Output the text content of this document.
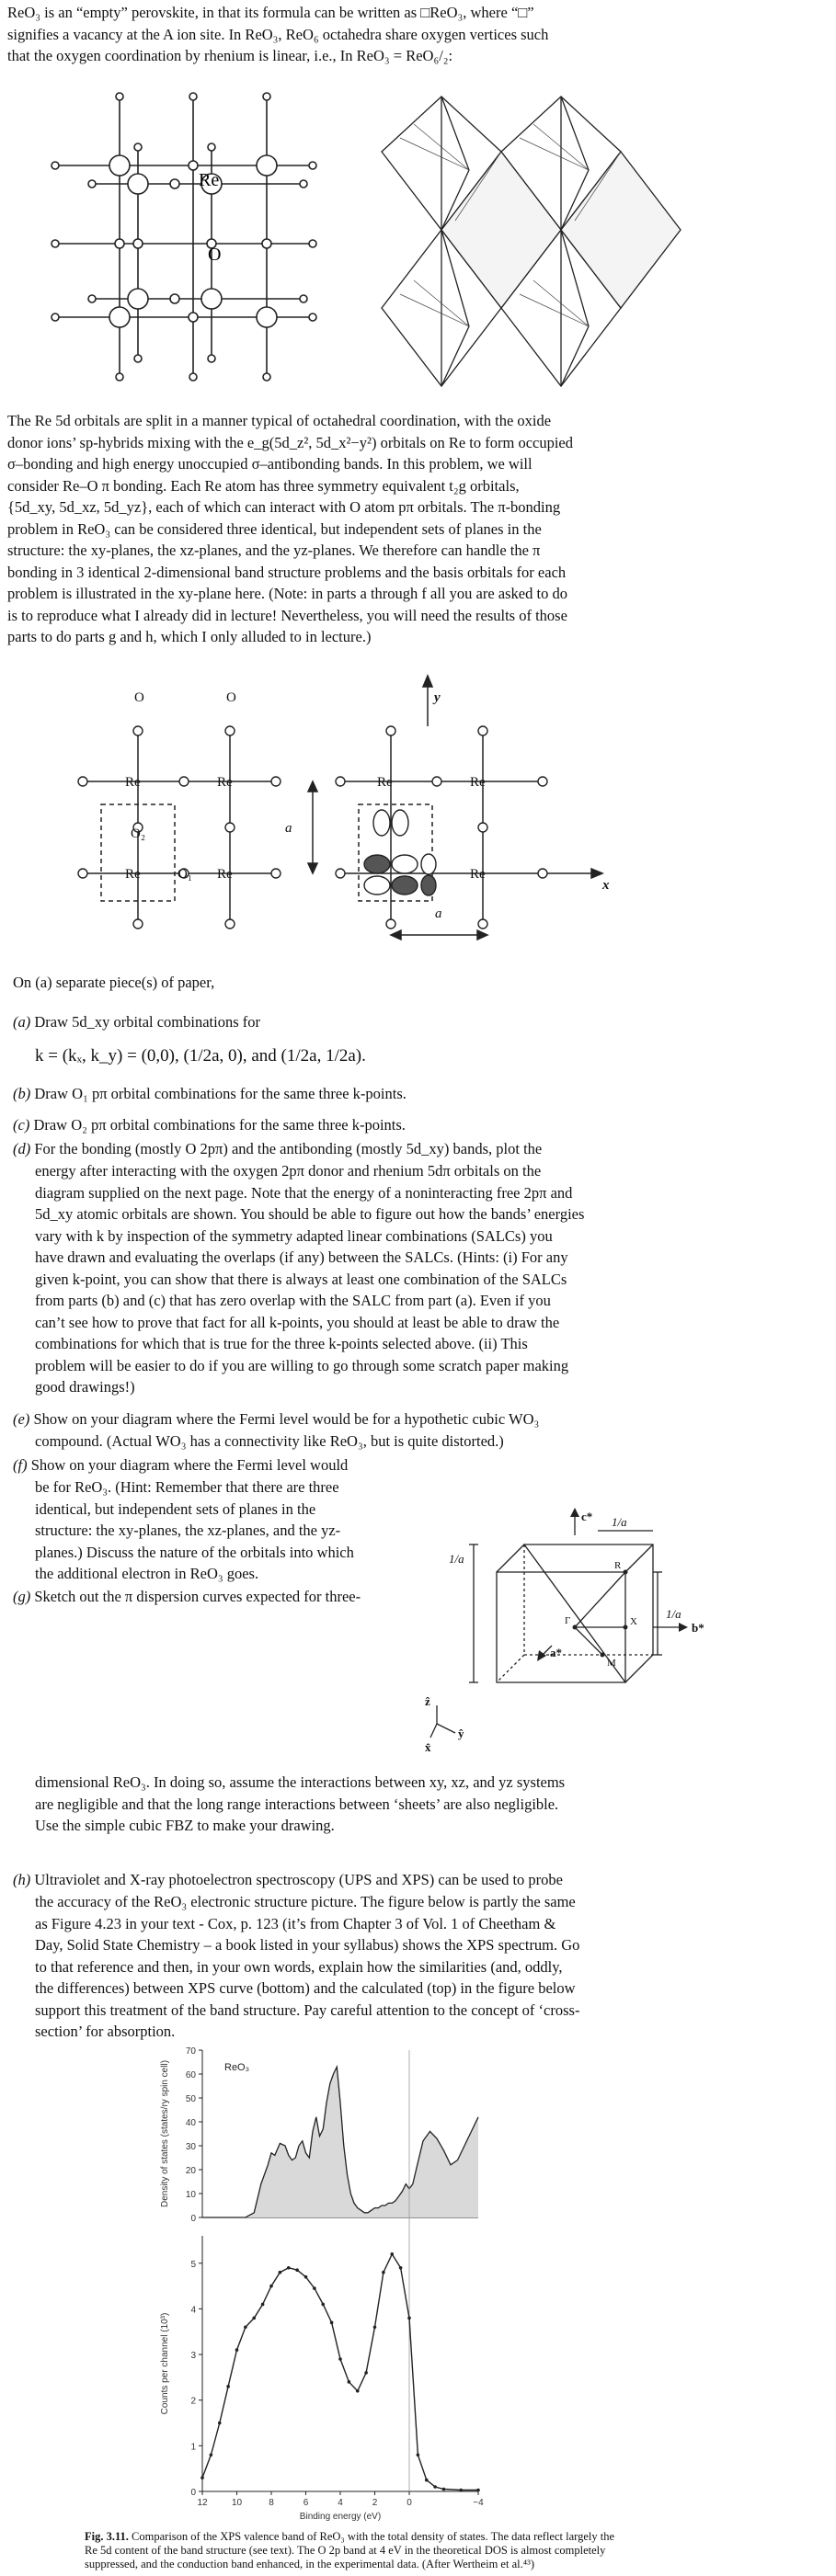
ReO₃ is an “empty” perovskite, in that its formula can be written as □ReO₃, where “□”
signifies a vacancy at the A ion site. In ReO₃, ReO₆ octahedra share oxygen vertices such
that the oxygen coordination by rhenium is linear, i.e., In ReO₃ = ReO₆/₂:

Re
O

The Re 5d orbitals are split in a manner typical of octahedral coordination, with the oxide
donor ions’ sp-hybrids mixing with the e_g(5d_z², 5d_x²−y²) orbitals on Re to form occupied
σ–bonding and high energy unoccupied σ–antibonding bands. In this problem, we will
consider Re–O π bonding. Each Re atom has three symmetry equivalent t₂g orbitals,
{5d_xy, 5d_xz, 5d_yz}, each of which can interact with O atom pπ orbitals. The π-bonding
problem in ReO₃ can be considered three identical, but independent sets of planes in the
structure: the xy-planes, the xz-planes, and the yz-planes. We therefore can handle the π
bonding in 3 identical 2-dimensional band structure problems and the basis orbitals for each
problem is illustrated in the xy-plane here. (Note: in parts a through f all you are asked to do
is to reproduce what I already did in lecture! Nevertheless, you will need the results of those
parts to do parts g and h, which I only alluded to in lecture.)

O	O
Re	Re
Re	Re
O₂
O₁
a
Re	Re
Re
y
x
a

On (a) separate piece(s) of paper,

(a) Draw 5d_xy orbital combinations for

k = (kₓ, k_y) = (0,0), (1/2a, 0), and (1/2a, 1/2a).

(b) Draw O₁ pπ orbital combinations for the same three k-points.

(c) Draw O₂ pπ orbital combinations for the same three k-points.

(d) For the bonding (mostly O 2pπ) and the antibonding (mostly 5d_xy) bands, plot the

energy after interacting with the oxygen 2pπ donor and rhenium 5dπ orbitals on the
diagram supplied on the next page. Note that the energy of a noninteracting free 2pπ and
5d_xy atomic orbitals are shown. You should be able to figure out how the bands’ energies
vary with k by inspection of the symmetry adapted linear combinations (SALCs) you
have drawn and evaluating the overlaps (if any) between the SALCs. (Hints: (i) For any
given k-point, you can show that there is always at least one combination of the SALCs
from parts (b) and (c) that has zero overlap with the SALC from part (a). Even if you
can’t see how to prove that fact for all k-points, you should at least be able to draw the
combinations for which that is true for the three k-points selected above. (ii) This
problem will be easier to do if you are willing to go through some scratch paper making
good drawings!)

(e) Show on your diagram where the Fermi level would be for a hypothetic cubic WO₃

compound. (Actual WO₃ has a connectivity like ReO₃, but is quite distorted.)

(f) Show on your diagram where the Fermi level would

be for ReO₃. (Hint: Remember that there are three
identical, but independent sets of planes in the
structure: the xy-planes, the xz-planes, and the yz-
planes.) Discuss the nature of the orbitals into which
the additional electron in ReO₃ goes.

(g) Sketch out the π dispersion curves expected for three-

c*
b*
a*
1/a
1/a
1/a
R
X
M
Γ
ẑ
ŷ
x̂

dimensional ReO₃. In doing so, assume the interactions between xy, xz, and yz systems
are negligible and that the long range interactions between ‘sheets’ are also negligible.
Use the simple cubic FBZ to make your drawing.

(h) Ultraviolet and X-ray photoelectron spectroscopy (UPS and XPS) can be used to probe

the accuracy of the ReO₃ electronic structure picture. The figure below is partly the same
as Figure 4.23 in your text - Cox, p. 123 (it’s from Chapter 3 of Vol. 1 of Cheetham &
Day, Solid State Chemistry – a book listed in your syllabus) shows the XPS spectrum. Go
to that reference and then, in your own words, explain how the similarities (and, oddly,
the differences) between XPS curve (bottom) and the calculated (top) in the figure below
support this treatment of the band structure. Pay careful attention to the concept of ‘cross-
section’ for absorption.

70
60
50
40
30
20
10
0
ReO₃
Density of states (states/ry spin cell)
5
4
3
2
1
0
12	10	8	6	4	2	0	−4
Counts per channel (10³)
Binding energy (eV)
Fig. 3.11. Comparison of the XPS valence band of ReO₃ with the total density of states. The data reflect largely the Re 5d content of the band structure (see text). The O 2p band at 4 eV in the theoretical DOS is almost completely suppressed, and the conduction band enhanced, in the experimental data. (After Wertheim et al.⁴³)
